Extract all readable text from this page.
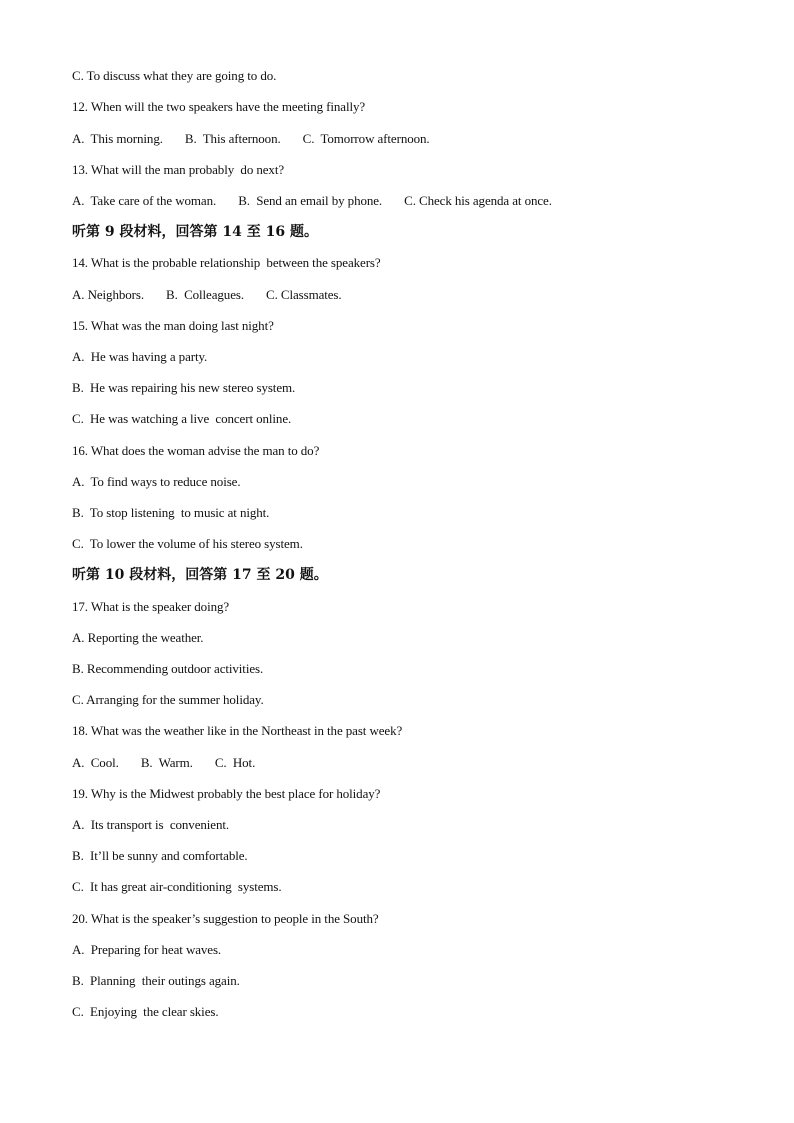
C. To discuss what they are going to do.
12. When will the two speakers have the meeting finally?
A.  This morning.       B.  This afternoon.       C.  Tomorrow afternoon.
13. What will the man probably  do next?
A.  Take care of the woman.       B.  Send an email by phone.       C. Check his agenda at once.
听第 9 段材料，回答第 14 至 16 题。
14. What is the probable relationship  between the speakers?
A. Neighbors.       B.  Colleagues.       C. Classmates.
15. What was the man doing last night?
A.  He was having a party.
B.  He was repairing his new stereo system.
C.  He was watching a live  concert online.
16. What does the woman advise the man to do?
A.  To find ways to reduce noise.
B.  To stop listening  to music at night.
C.  To lower the volume of his stereo system.
听第 10 段材料，回答第 17 至 20 题。
17. What is the speaker doing?
A. Reporting the weather.
B. Recommending outdoor activities.
C. Arranging for the summer holiday.
18. What was the weather like in the Northeast in the past week?
A.  Cool.       B.  Warm.       C.  Hot.
19. Why is the Midwest probably the best place for holiday?
A.  Its transport is  convenient.
B.  It’ll be sunny and comfortable.
C.  It has great air-conditioning  systems.
20. What is the speaker’s suggestion to people in the South?
A.  Preparing for heat waves.
B.  Planning  their outings again.
C.  Enjoying  the clear skies.
